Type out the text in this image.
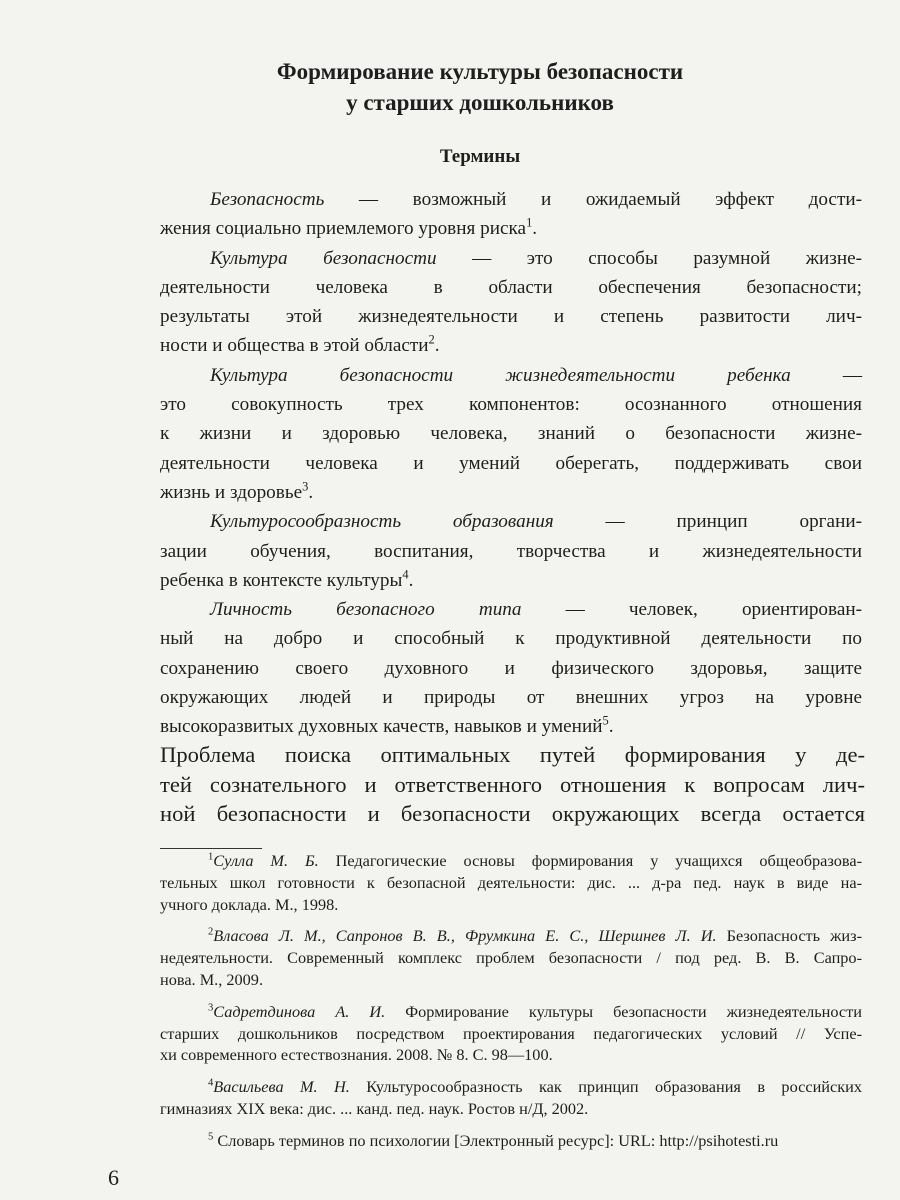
Формирование культуры безопасности
у старших дошкольников
Термины
Безопасность — возможный и ожидаемый эффект дости-
жения социально приемлемого уровня риска$^1$.
Культура безопасности — это способы разумной жизне-
деятельности человека в области обеспечения безопасности;
результаты этой жизнедеятельности и степень развитости лич-
ности и общества в этой области$^2$.
Культура безопасности жизнедеятельности ребенка —
это совокупность трех компонентов: осознанного отношения
к жизни и здоровью человека, знаний о безопасности жизне-
деятельности человека и умений оберегать, поддерживать свои
жизнь и здоровье$^3$.
Культуросообразность образования — принцип органи-
зации обучения, воспитания, творчества и жизнедеятельности
ребенка в контексте культуры$^4$.
Личность безопасного типа — человек, ориентирован-
ный на добро и способный к продуктивной деятельности по
сохранению своего духовного и физического здоровья, защите
окружающих людей и природы от внешних угроз на уровне
высокоразвитых духовных качеств, навыков и умений$^5$.
Проблема поиска оптимальных путей формирования у де-
тей сознательного и ответственного отношения к вопросам лич-
ной безопасности и безопасности окружающих всегда остается
$^1$Сулла М. Б. Педагогические основы формирования у учащихся общеобразова-
тельных школ готовности к безопасной деятельности: дис. ... д-ра пед. наук в виде на-
учного доклада. М., 1998.
$^2$Власова Л. М., Сапронов В. В., Фрумкина Е. С., Шершнев Л. И. Безопасность жиз-
недеятельности. Современный комплекс проблем безопасности / под ред. В. В. Сапро-
нова. М., 2009.
$^3$Садретдинова А. И. Формирование культуры безопасности жизнедеятельности
старших дошкольников посредством проектирования педагогических условий // Успе-
хи современного естествознания. 2008. № 8. С. 98—100.
$^4$Васильева М. Н. Культуросообразность как принцип образования в российских
гимназиях XIX века: дис. ... канд. пед. наук. Ростов н/Д, 2002.
$^5$ Словарь терминов по психологии [Электронный ресурс]: URL: http://psihotesti.ru
6
